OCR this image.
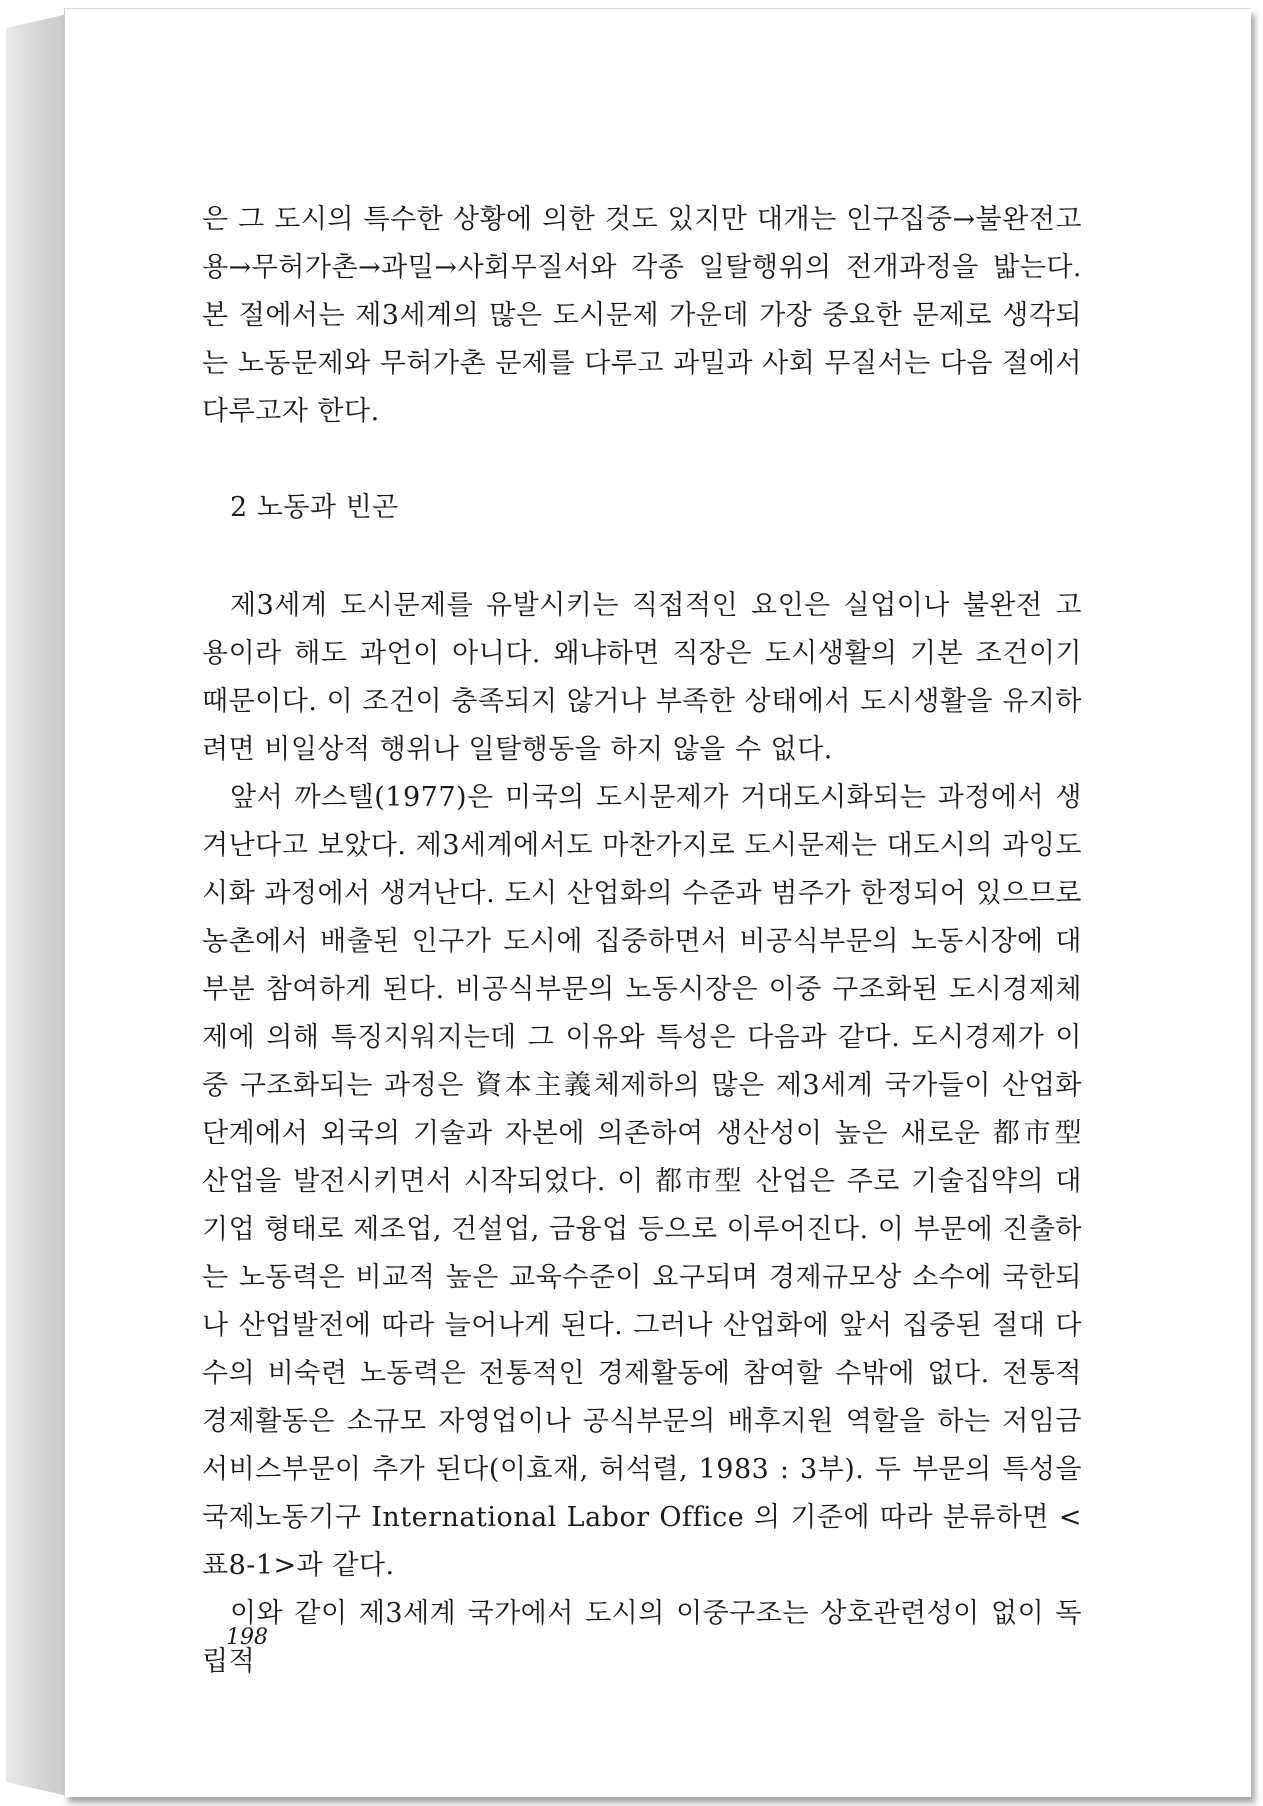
은 그 도시의 특수한 상황에 의한 것도 있지만 대개는 인구집중→불완전고용→무허가촌→과밀→사회무질서와 각종 일탈행위의 전개과정을 밟는다. 본 절에서는 제3세계의 많은 도시문제 가운데 가장 중요한 문제로 생각되는 노동문제와 무허가촌 문제를 다루고 과밀과 사회 무질서는 다음 절에서 다루고자 한다.

2 노동과 빈곤

제3세계 도시문제를 유발시키는 직접적인 요인은 실업이나 불완전 고용이라 해도 과언이 아니다. 왜냐하면 직장은 도시생활의 기본 조건이기 때문이다. 이 조건이 충족되지 않거나 부족한 상태에서 도시생활을 유지하려면 비일상적 행위나 일탈행동을 하지 않을 수 없다.

앞서 까스텔(1977)은 미국의 도시문제가 거대도시화되는 과정에서 생겨난다고 보았다. 제3세계에서도 마찬가지로 도시문제는 대도시의 과잉도시화 과정에서 생겨난다. 도시 산업화의 수준과 범주가 한정되어 있으므로 농촌에서 배출된 인구가 도시에 집중하면서 비공식부문의 노동시장에 대부분 참여하게 된다. 비공식부문의 노동시장은 이중 구조화된 도시경제체제에 의해 특징지워지는데 그 이유와 특성은 다음과 같다. 도시경제가 이중 구조화되는 과정은 資本主義체제하의 많은 제3세계 국가들이 산업화 단계에서 외국의 기술과 자본에 의존하여 생산성이 높은 새로운 都市型 산업을 발전시키면서 시작되었다. 이 都市型 산업은 주로 기술집약의 대기업 형태로 제조업, 건설업, 금융업 등으로 이루어진다. 이 부문에 진출하는 노동력은 비교적 높은 교육수준이 요구되며 경제규모상 소수에 국한되나 산업발전에 따라 늘어나게 된다. 그러나 산업화에 앞서 집중된 절대 다수의 비숙련 노동력은 전통적인 경제활동에 참여할 수밖에 없다. 전통적 경제활동은 소규모 자영업이나 공식부문의 배후지원 역할을 하는 저임금 서비스부문이 추가 된다(이효재, 허석렬, 1983 : 3부). 두 부문의 특성을 국제노동기구 International Labor Office 의 기준에 따라 분류하면 <표8-1>과 같다.

이와 같이 제3세계 국가에서 도시의 이중구조는 상호관련성이 없이 독립적

198
